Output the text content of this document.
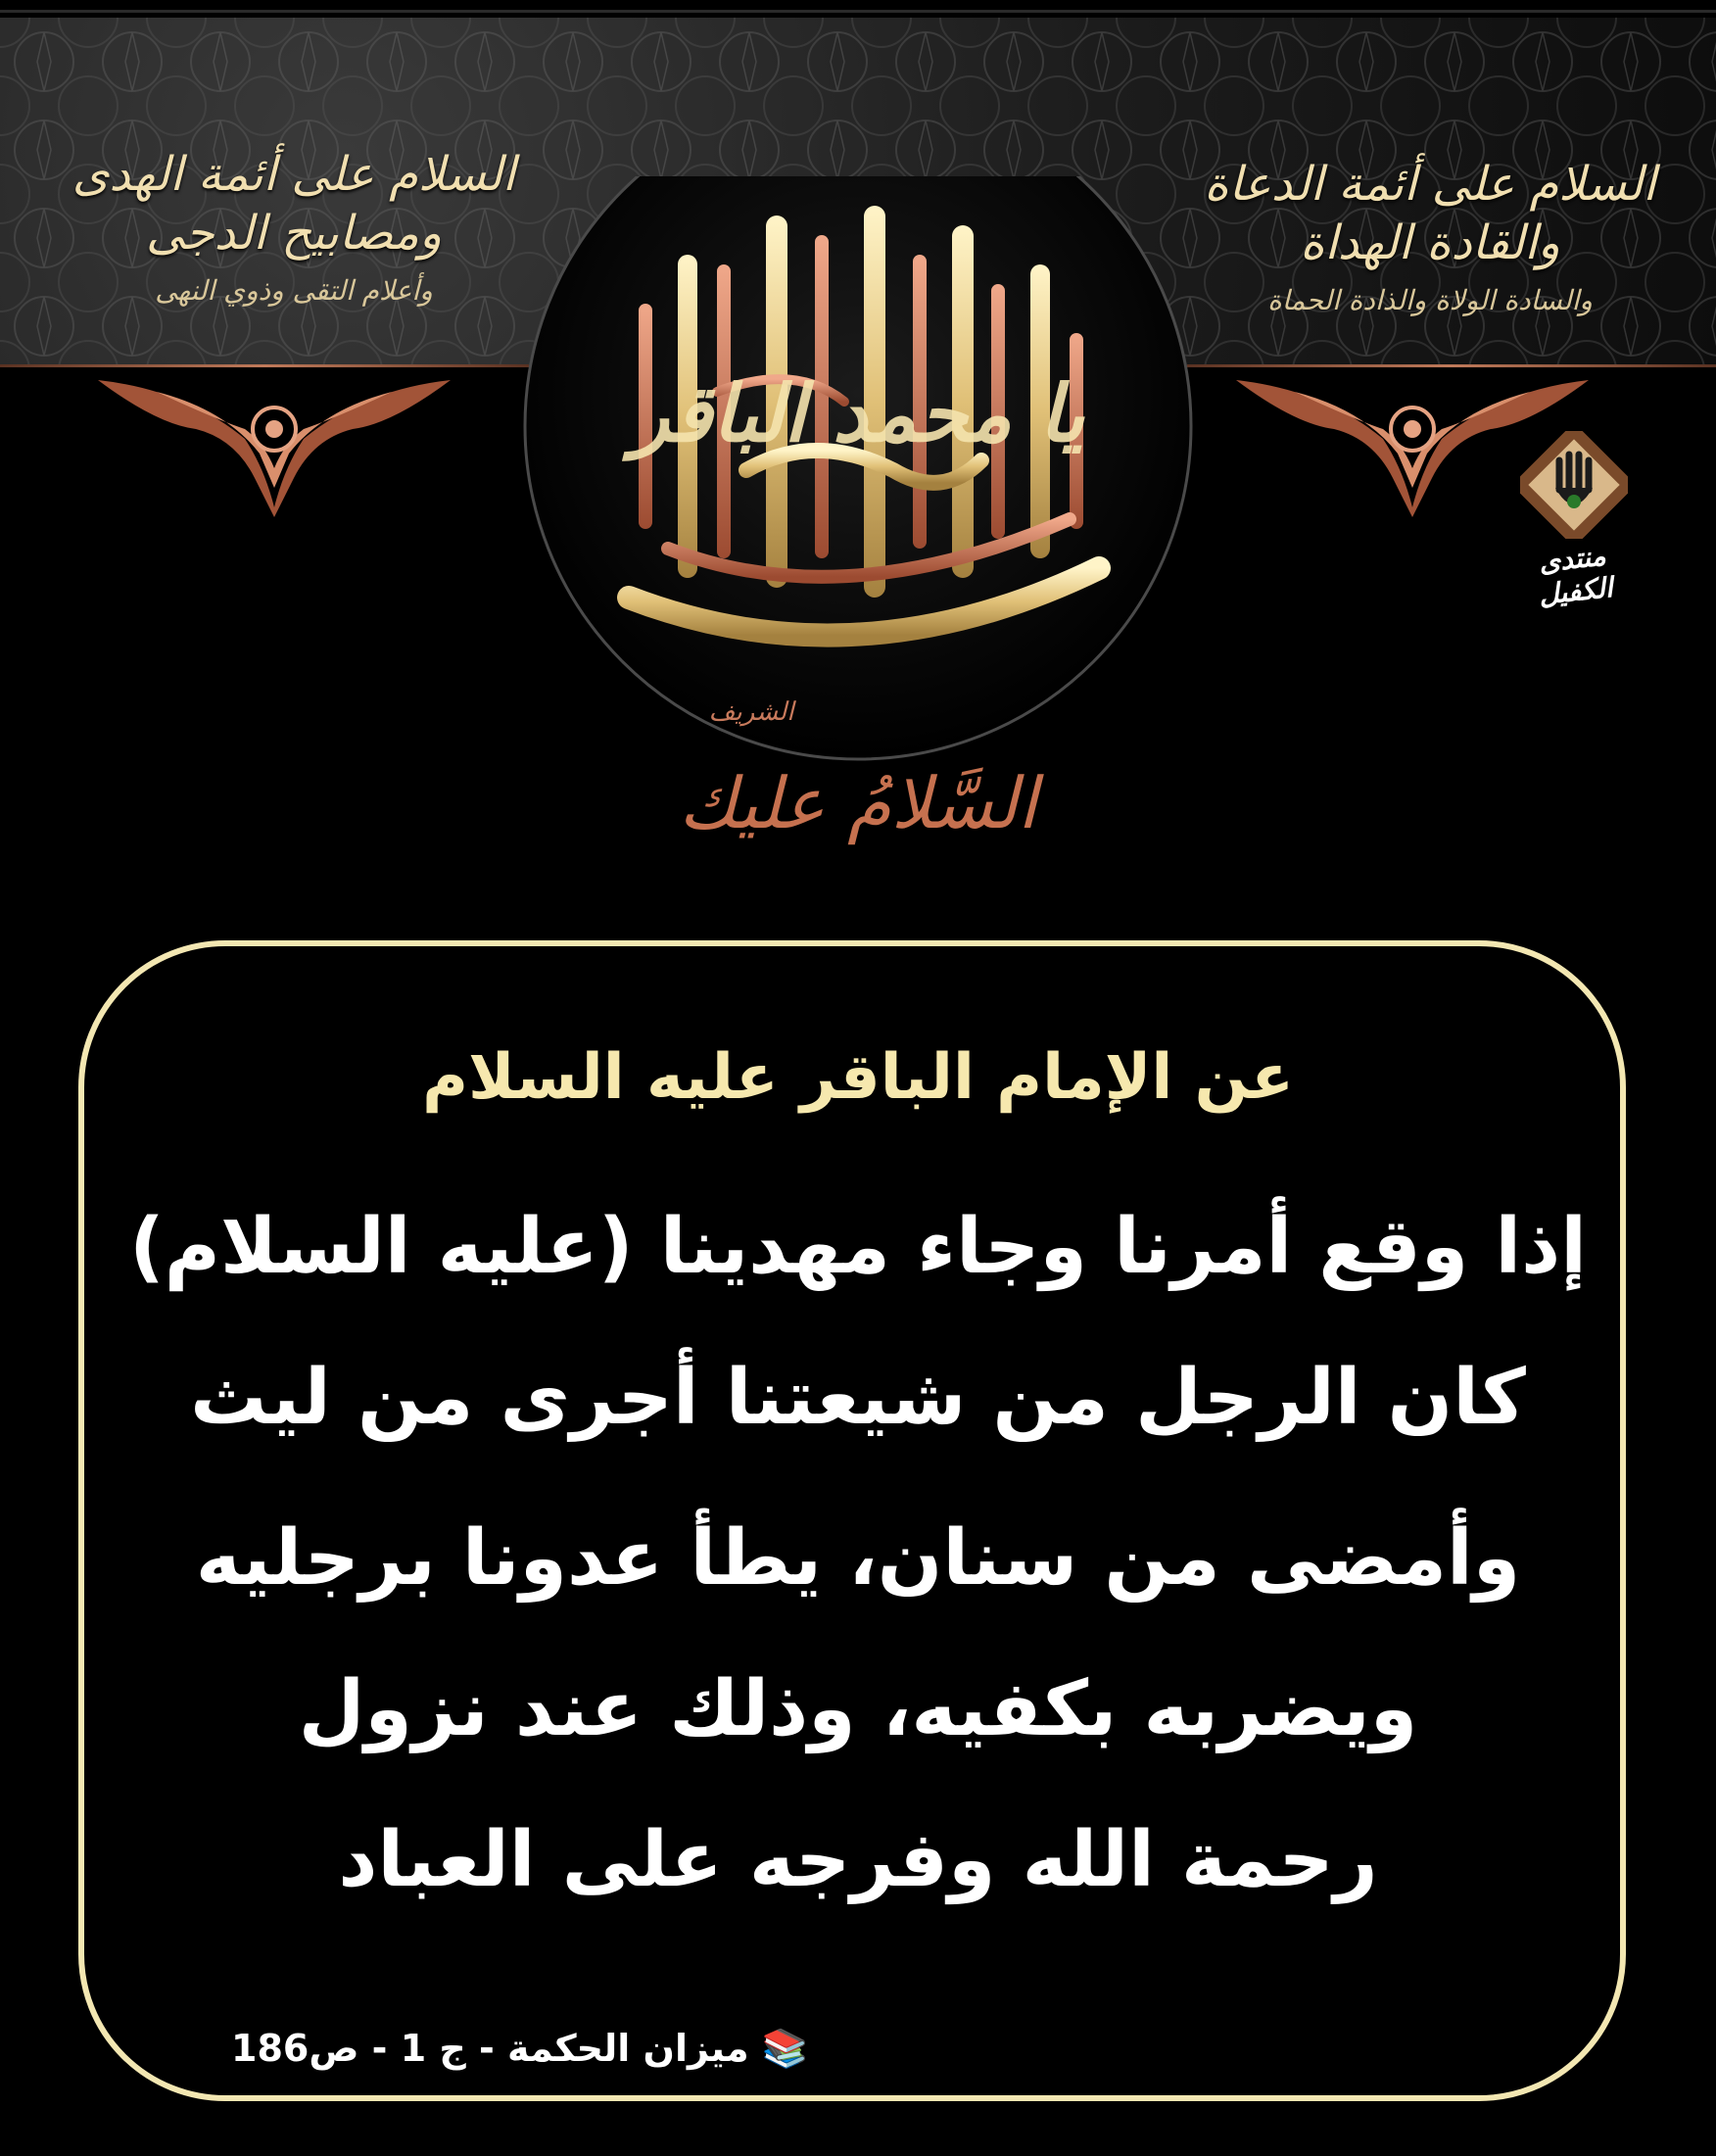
السلام على أئمة الدعاة والقادة الهداة
والسادة الولاة والذادة الحماة
السلام على أئمة الهدى ومصابيح الدجى
وأعلام التقى وذوي النهى
يا محمد الباقر
الشريف
السَّلامُ عليك
منتدى الكفيل
عن الإمام الباقر عليه السلام
إذا وقع أمرنا وجاء مهدينا (عليه السلام)
كان الرجل من شيعتنا أجرى من ليث
وأمضى من سنان، يطأ عدونا برجليه
ويضربه بكفيه، وذلك عند نزول
رحمة الله وفرجه على العباد
📚 ميزان الحكمة - ج 1 - ص186
